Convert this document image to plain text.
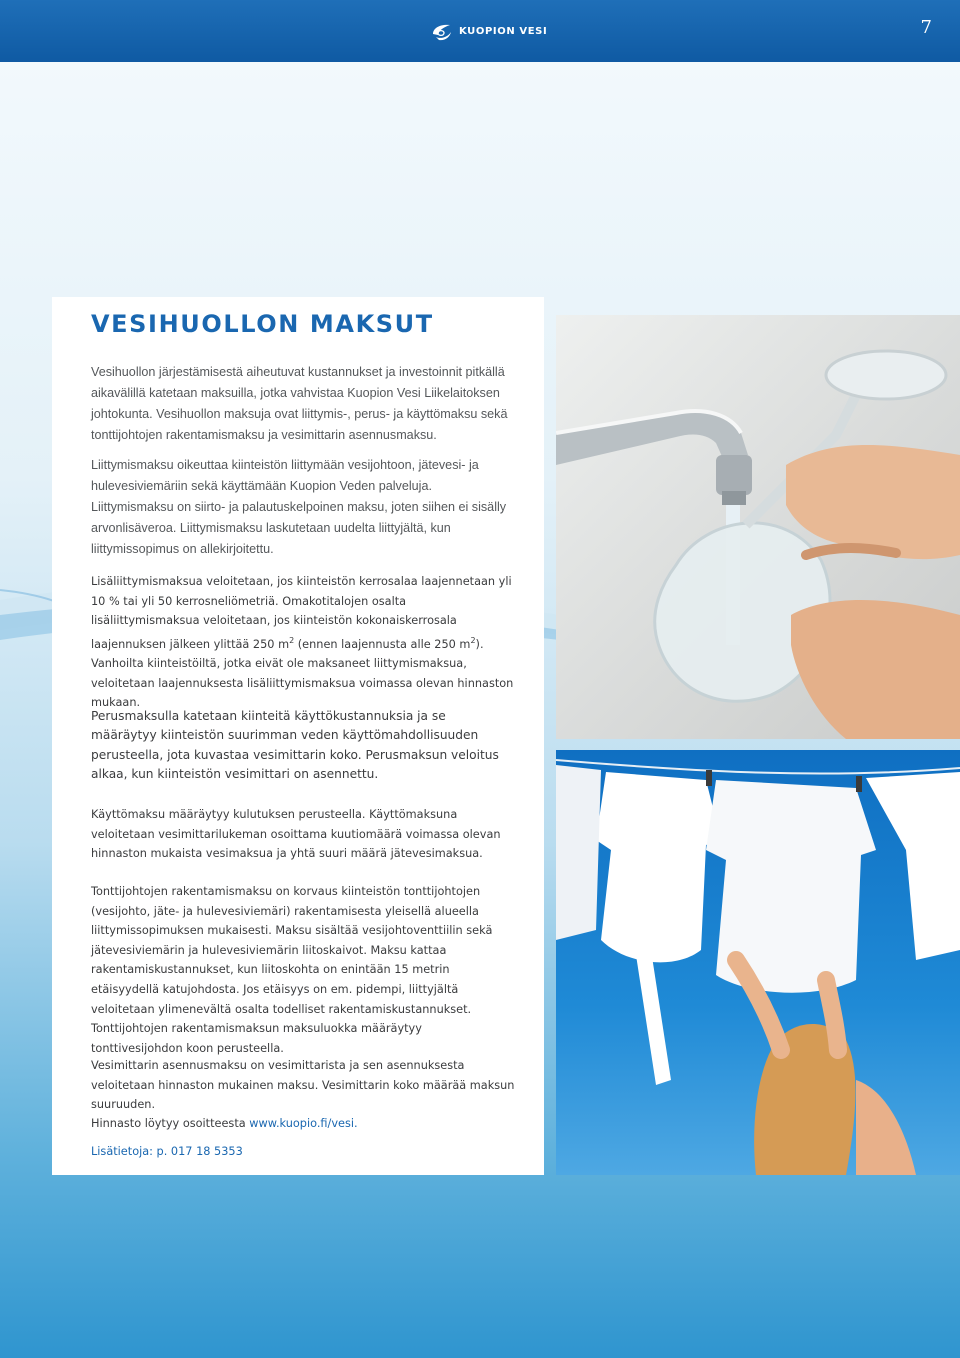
KUOPION VESI	7
VESIHUOLLON MAKSUT

Vesihuollon järjestämisestä aiheutuvat kustannukset ja investoinnit pitkällä aikavälillä katetaan maksuilla, jotka vahvistaa Kuopion Vesi Liikelaitoksen johtokunta. Vesihuollon maksuja ovat liittymis-, perus- ja käyttömaksu sekä tonttijohtojen rakentamismaksu ja vesimittarin asennusmaksu.

Liittymismaksu oikeuttaa kiinteistön liittymään vesijohtoon, jätevesi- ja hulevesiviemäriin sekä käyttämään Kuopion Veden palveluja. Liittymismaksu on siirto- ja palautuskelpoinen maksu, joten siihen ei sisälly arvonlisäveroa. Liittymismaksu laskutetaan uudelta liittyjältä, kun liittymissopimus on allekirjoitettu.

Lisäliittymismaksua veloitetaan, jos kiinteistön kerrosalaa laajennetaan yli 10 % tai yli 50 kerrosneliömetriä. Omakotitalojen osalta lisäliittymismaksua veloitetaan, jos kiinteistön kokonaiskerrosala laajennuksen jälkeen ylittää 250 $m^2$ (ennen laajennusta alle 250 $m^2$). Vanhoilta kiinteistöiltä, jotka eivät ole maksaneet liittymismaksua, veloitetaan laajennuksesta lisäliittymismaksua voimassa olevan hinnaston mukaan.

Perusmaksulla katetaan kiinteitä käyttökustannuksia ja se määräytyy kiinteistön suurimman veden käyttömahdollisuuden perusteella, jota kuvastaa vesimittarin koko. Perusmaksun veloitus alkaa, kun kiinteistön vesimittari on asennettu.

Käyttömaksu määräytyy kulutuksen perusteella. Käyttömaksuna veloitetaan vesimittarilukeman osoittama kuutiomäärä voimassa olevan hinnaston mukaista vesimaksua ja yhtä suuri määrä jätevesimaksua.

Tonttijohtojen rakentamismaksu on korvaus kiinteistön tonttijohtojen (vesijohto, jäte- ja hulevesiviemäri) rakentamisesta yleisellä alueella liittymissopimuksen mukaisesti. Maksu sisältää vesijohtoventtiilin sekä jätevesiviemärin ja hulevesiviemärin liitoskaivot. Maksu kattaa rakentamiskustannukset, kun liitoskohta on enintään 15 metrin etäisyydellä katujohdosta. Jos etäisyys on em. pidempi, liittyjältä veloitetaan ylimenevältä osalta todelliset rakentamiskustannukset. Tonttijohtojen rakentamismaksun maksuluokka määräytyy tonttivesijohdon koon perusteella.

Vesimittarin asennusmaksu on vesimittarista ja sen asennuksesta veloitetaan hinnaston mukainen maksu. Vesimittarin koko määrää maksun suuruuden.

Hinnasto löytyy osoitteesta www.kuopio.fi/vesi.

Lisätietoja: p. 017 18 5353
